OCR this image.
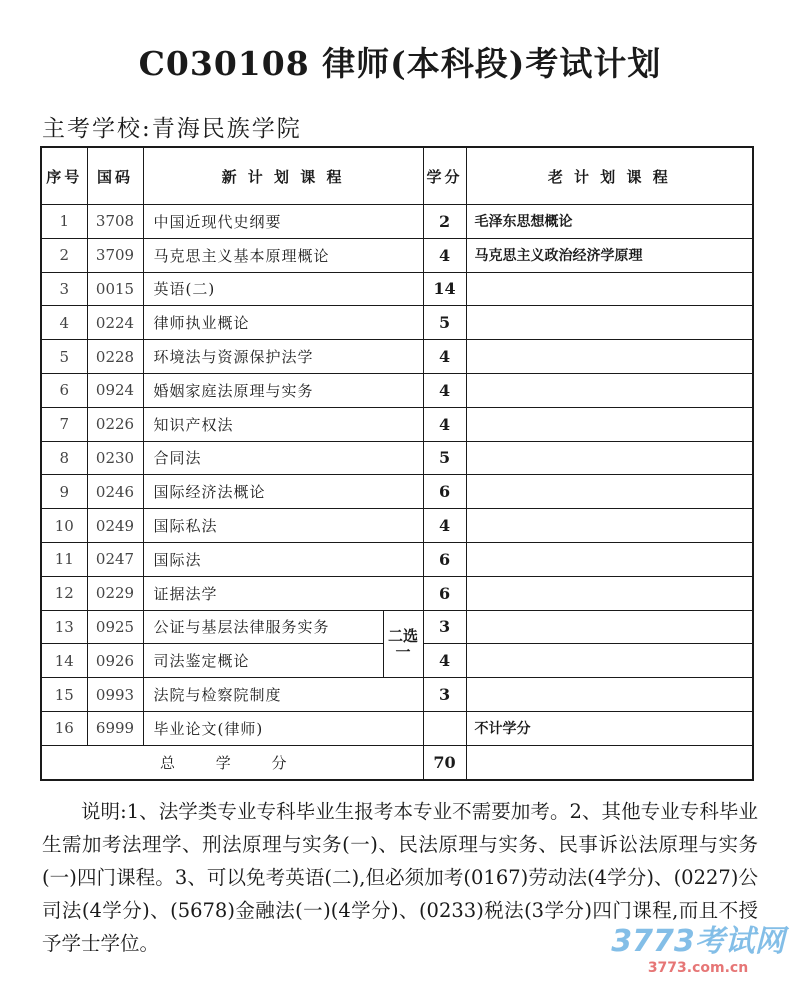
C030108 律师(本科段)考试计划
主考学校:青海民族学院
序号	国码	新 计 划 课 程		学分	老 计 划 课 程
1	3708	中国近现代史纲要		2	毛泽东思想概论
2	3709	马克思主义基本原理概论		4	马克思主义政治经济学原理
3	0015	英语(二)		14	
4	0224	律师执业概论		5	
5	0228	环境法与资源保护法学		4	
6	0924	婚姻家庭法原理与实务		4	
7	0226	知识产权法		4	
8	0230	合同法		5	
9	0246	国际经济法概论		6	
10	0249	国际私法		4	
11	0247	国际法		6	
12	0229	证据法学		6	
13	0925	公证与基层法律服务实务	二选一	3	
14	0926	司法鉴定概论		4	
15	0993	法院与检察院制度		3	
16	6999	毕业论文(律师)			不计学分
总 学 分				70	
说明:1、法学类专业专科毕业生报考本专业不需要加考。2、其他专业专科毕业生需加考法理学、刑法原理与实务(一)、民法原理与实务、民事诉讼法原理与实务(一)四门课程。3、可以免考英语(二),但必须加考(0167)劳动法(4学分)、(0227)公司法(4学分)、(5678)金融法(一)(4学分)、(0233)税法(3学分)四门课程,而且不授予学士学位。	3773考试网
3773.com.cn
